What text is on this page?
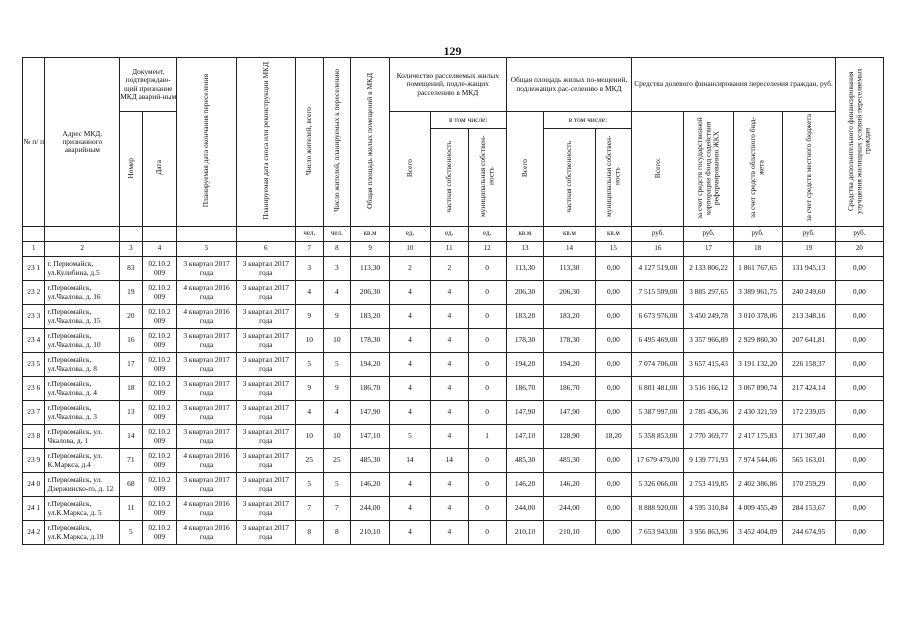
129
№ п/ п	Адрес МКД, признанного аварийным	Документ, подтверждаю-щий признание МКД аварий-ным		Планируемая дата окончания переселения	Планируемая дата сноса или реконструкции МКД	Число жителей, всего	Число жителей, планируемых к переселению	Общая площадь жилых помещений в МКД	Количество расселяемых жилых помещений, подле-жащих расселению в МКД			Общая площадь жилых по-мещений, подлежащих рас-селению в МКД			Средства долевого финансирования переселения граждан, руб.				Средства дополнительного финансирования улучшения жилищных условий переселяемых граждан
		Номер	Дата						Всего	в том числе:		Всего	в том числе:		Всего:	за счет средств государственной корпорации Фонд содействия реформированию ЖКХ	за счет средств областного бюд-жета	за счет средств местного бюджета	
										частная собственность	муниципальная собствен-ность		частная собственность	муниципальная собствен-ность					
						чел.	чел.	кв.м	ед.	ед.	ед.	кв.м	кв.м	кв.м	руб.	руб.	руб.	руб.	руб.
1	2	3	4	5	6	7	8	9	10	11	12	13	14	15	16	17	18	19	20
23 1	г. Первомайск, ул.Кулибина, д.5	83	02.10.2 009	3 квартал 2017 года	3 квартал 2017 года	3	3	113,30	2	2	0	113,30	113,30	0,00	4 127 519,00	2 133 806,22	1 861 767,65	131 945,13	0,00
23 2	г.Первомайск, ул.Чкалова, д. 16	19	02.10.2 009	4 квартал 2016 года	3 квартал 2017 года	4	4	206,30	4	4	0	206,30	206,30	0,00	7 515 509,00	3 885 297,65	3 389 961,75	240 249,60	0,00
23 3	г.Первомайск, ул.Чкалова, д. 15	20	02.10.2 009	4 квартал 2016 года	3 квартал 2017 года	9	9	183,20	4	4	0	183,20	183,20	0,00	6 673 976,00	3 450 249,78	3 010 378,06	213 348,16	0,00
23 4	г.Первомайск, ул.Чкалова, д. 10	16	02.10.2 009	3 квартал 2017 года	3 квартал 2017 года	10	10	178,30	4	4	0	178,30	178,30	0,00	6 495 469,00	3 357 966,89	2 929 860,30	207 641,81	0,00
23 5	г.Первомайск, ул.Чкалова, д. 8	17	02.10.2 009	3 квартал 2017 года	3 квартал 2017 года	5	5	194,20	4	4	0	194,20	194,20	0,00	7 074 706,00	3 657 415,43	3 191 132,20	226 158,37	0,00
23 6	г.Первомайск, ул.Чкалова, д. 4	18	02.10.2 009	3 квартал 2017 года	3 квартал 2017 года	9	9	186,70	4	4	0	186,70	186,70	0,00	6 801 481,00	3 516 166,12	3 067 890,74	217 424,14	0,00
23 7	г.Первомайск, ул.Чкалова, д. 3	13	02.10.2 009	3 квартал 2017 года	3 квартал 2017 года	4	4	147,90	4	4	0	147,90	147,90	0,00	5 387 997,00	2 785 436,36	2 430 321,59	172 239,05	0,00
23 8	г.Первомайск, ул. Чкалова, д. 1	14	02.10.2 009	3 квартал 2017 года	3 квартал 2017 года	10	10	147,10	5	4	1	147,10	128,90	18,20	5 358 853,00	2 770 369,77	2 417 175,83	171 307,40	0,00
23 9	г.Первомайск, ул. К.Маркса, д.4	71	02.10.2 009	4 квартал 2016 года	3 квартал 2017 года	25	25	485,30	14	14	0	485,30	485,30	0,00	17 679 479,00	9 139 771,93	7 974 544,06	565 163,01	0,00
24 0	г.Первомайск, ул. Дзержинско-го, д. 12	68	02.10.2 009	3 квартал 2017 года	3 квартал 2017 года	5	5	146,20	4	4	0	146,20	146,20	0,00	5 326 066,00	2 753 419,85	2 402 386,86	170 259,29	0,00
24 1	г.Первомайск, ул.К.Маркса, д. 5	11	02.10.2 009	4 квартал 2016 года	3 квартал 2017 года	7	7	244,00	4	4	0	244,00	244,00	0,00	8 888 920,00	4 595 310,84	4 009 455,49	284 153,67	0,00
24 2	г.Первомайск, ул.К.Маркса, д.19	5	02.10.2 009	4 квартал 2016 года	3 квартал 2017 года	8	8	210,10	4	4	0	210,10	210,10	0,00	7 653 943,00	3 956 863,96	3 452 404,09	244 674,95	0,00
